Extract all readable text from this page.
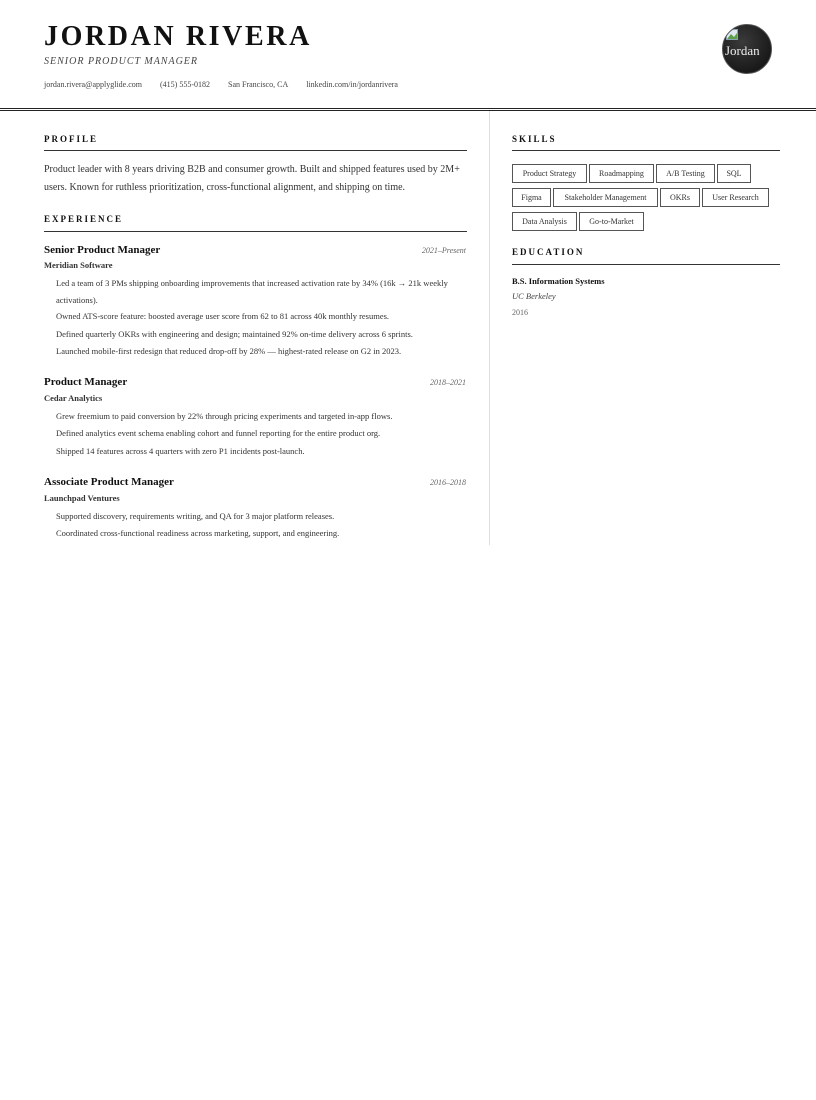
JORDAN RIVERA
SENIOR PRODUCT MANAGER
jordan.rivera@applyglide.com (415) 555-0182 San Francisco, CA linkedin.com/in/jordanrivera
Jordan
PROFILE

Product leader with 8 years driving B2B and consumer growth. Built and shipped features used by 2M+ users. Known for ruthless prioritization, cross-functional alignment, and shipping on time.

EXPERIENCE
Senior Product Manager	2021–Present
Meridian Software
Led a team of 3 PMs shipping onboarding improvements that increased activation rate by 34% (16k → 21k weekly activations).
Owned ATS-score feature: boosted average user score from 62 to 81 across 40k monthly resumes.
Defined quarterly OKRs with engineering and design; maintained 92% on-time delivery across 6 sprints.
Launched mobile-first redesign that reduced drop-off by 28% — highest-rated release on G2 in 2023.
Product Manager	2018–2021
Cedar Analytics
Grew freemium to paid conversion by 22% through pricing experiments and targeted in-app flows.
Defined analytics event schema enabling cohort and funnel reporting for the entire product org.
Shipped 14 features across 4 quarters with zero P1 incidents post-launch.
Associate Product Manager	2016–2018
Launchpad Ventures
Supported discovery, requirements writing, and QA for 3 major platform releases.
Coordinated cross-functional readiness across marketing, support, and engineering.
SKILLS
Product Strategy	Roadmapping	A/B Testing	SQL
Figma	Stakeholder Management	OKRs	User Research
Data Analysis	Go-to-Market
EDUCATION
B.S. Information Systems
UC Berkeley
2016
